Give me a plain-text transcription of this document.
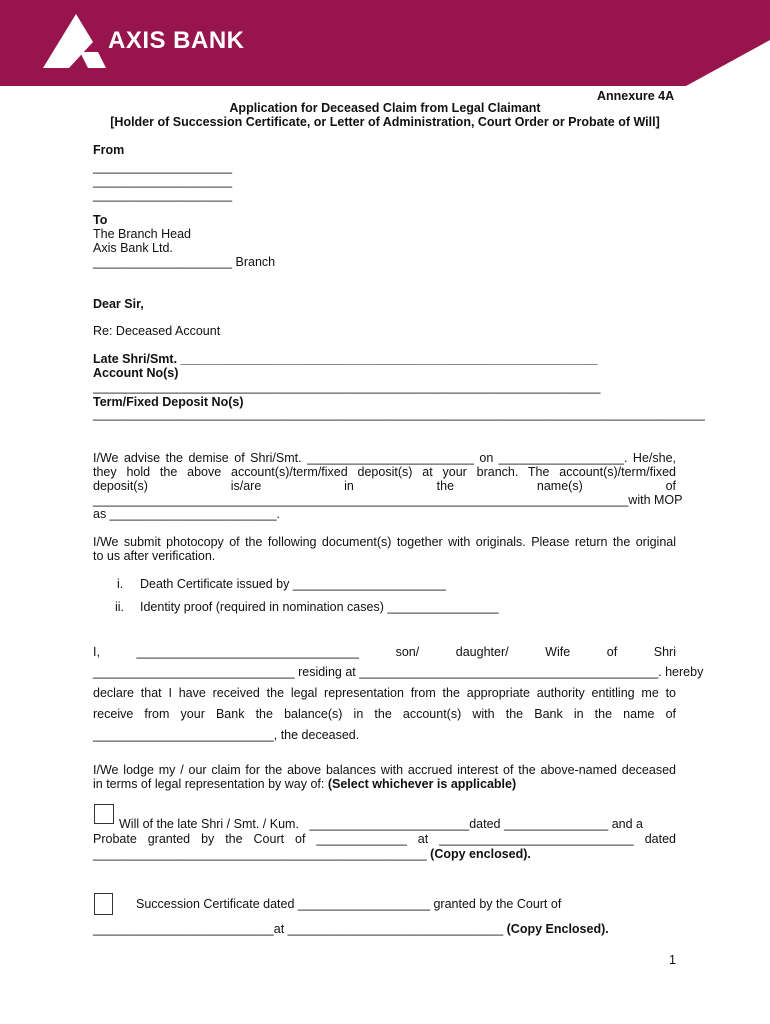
AXIS BANK
Annexure 4A
Application for Deceased Claim from Legal Claimant
[Holder of Succession Certificate, or Letter of Administration, Court Order or Probate of Will]
From
____________________
____________________
____________________
To
The Branch Head
Axis Bank Ltd.
____________________ Branch
Dear Sir,
Re: Deceased Account
Late Shri/Smt. ____________________________________________________________
Account No(s)
_________________________________________________________________________
Term/Fixed Deposit No(s)
________________________________________________________________________________________
I/We advise the demise of Shri/Smt. ________________________ on __________________. He/she,
they hold the above account(s)/term/fixed deposit(s) at your branch. The account(s)/term/fixed
deposit(s)                    is/are                    in                    the                    name(s)                    of
_____________________________________________________________________________with MOP
as ________________________.
I/We submit photocopy of the following document(s) together with originals. Please return the original
to us after verification.
i. Death Certificate issued by ______________________
ii. Identity proof (required in nomination cases) ________________
I,          ________________________________          son/          daughter/          Wife          of          Shri
_____________________________ residing at ___________________________________________. hereby
declare that I have received the legal representation from the appropriate authority entitling me to
receive from your Bank the balance(s) in the account(s) with the Bank in the name of
__________________________, the deceased.
I/We lodge my / our claim for the above balances with accrued interest of the above-named deceased
in terms of legal representation by way of: (Select whichever is applicable)
Will of the late Shri / Smt. / Kum.   _______________________dated _______________ and a
Probate granted by the Court of _____________ at ____________________________ dated
________________________________________________ (Copy enclosed).
Succession Certificate dated ___________________ granted by the Court of
__________________________at _______________________________ (Copy Enclosed).
1
